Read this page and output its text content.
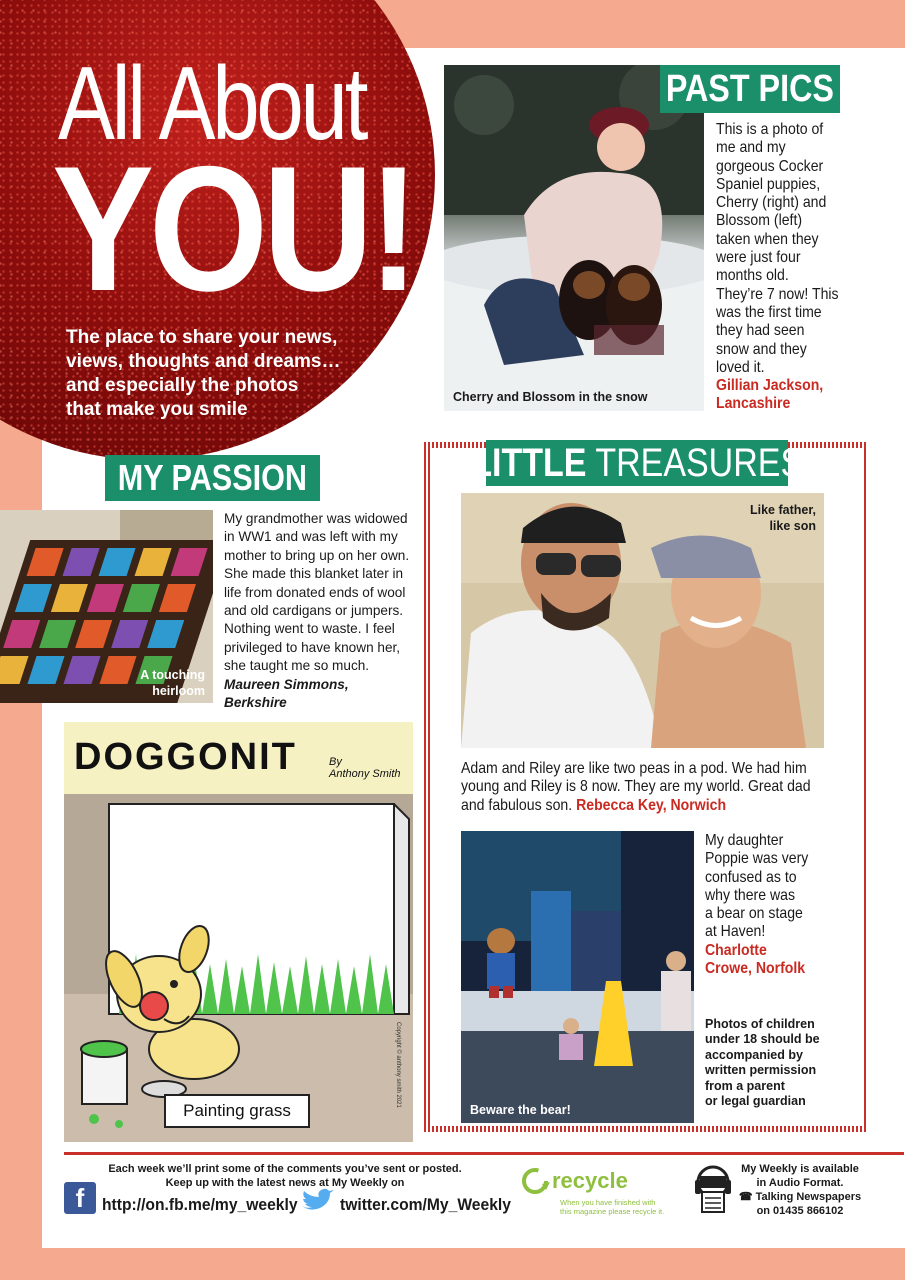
All About
YOU!
The place to share your news,
views, thoughts and dreams…
and especially the photos
that make you smile
Cherry and Blossom in the snow
PAST PICS
This is a photo of
me and my
gorgeous Cocker
Spaniel puppies,
Cherry (right) and
Blossom (left)
taken when they
were just four
months old.
They’re 7 now! This
was the first time
they had seen
snow and they
loved it.
Gillian Jackson,
Lancashire
MY PASSION
A touching
heirloom
My grandmother was widowed
in WW1 and was left with my
mother to bring up on her own.
She made this blanket later in
life from donated ends of wool
and old cardigans or jumpers.
Nothing went to waste. I feel
privileged to have known her,
she taught me so much.
Maureen Simmons,
Berkshire
DOGGONIT	By
Anthony Smith
Painting grass
Copyright © anthony smith 2021
LITTLE TREASURES
Like father,
like son
Adam and Riley are like two peas in a pod. We had him
young and Riley is 8 now. They are my world. Great dad
and fabulous son. Rebecca Key, Norwich
Beware the bear!
My daughter
Poppie was very
confused as to
why there was
a bear on stage
at Haven!
Charlotte
Crowe, Norfolk
Photos of children
under 18 should be
accompanied by
written permission
from a parent
or legal guardian
Each week we’ll print some of the comments you’ve sent or posted.
Keep up with the latest news at My Weekly on
f	http://on.fb.me/my_weekly twitter.com/My_Weekly
recycle
When you have finished with
this magazine please recycle it.
My Weekly is available
in Audio Format.
☎ Talking Newspapers
on 01435 866102
